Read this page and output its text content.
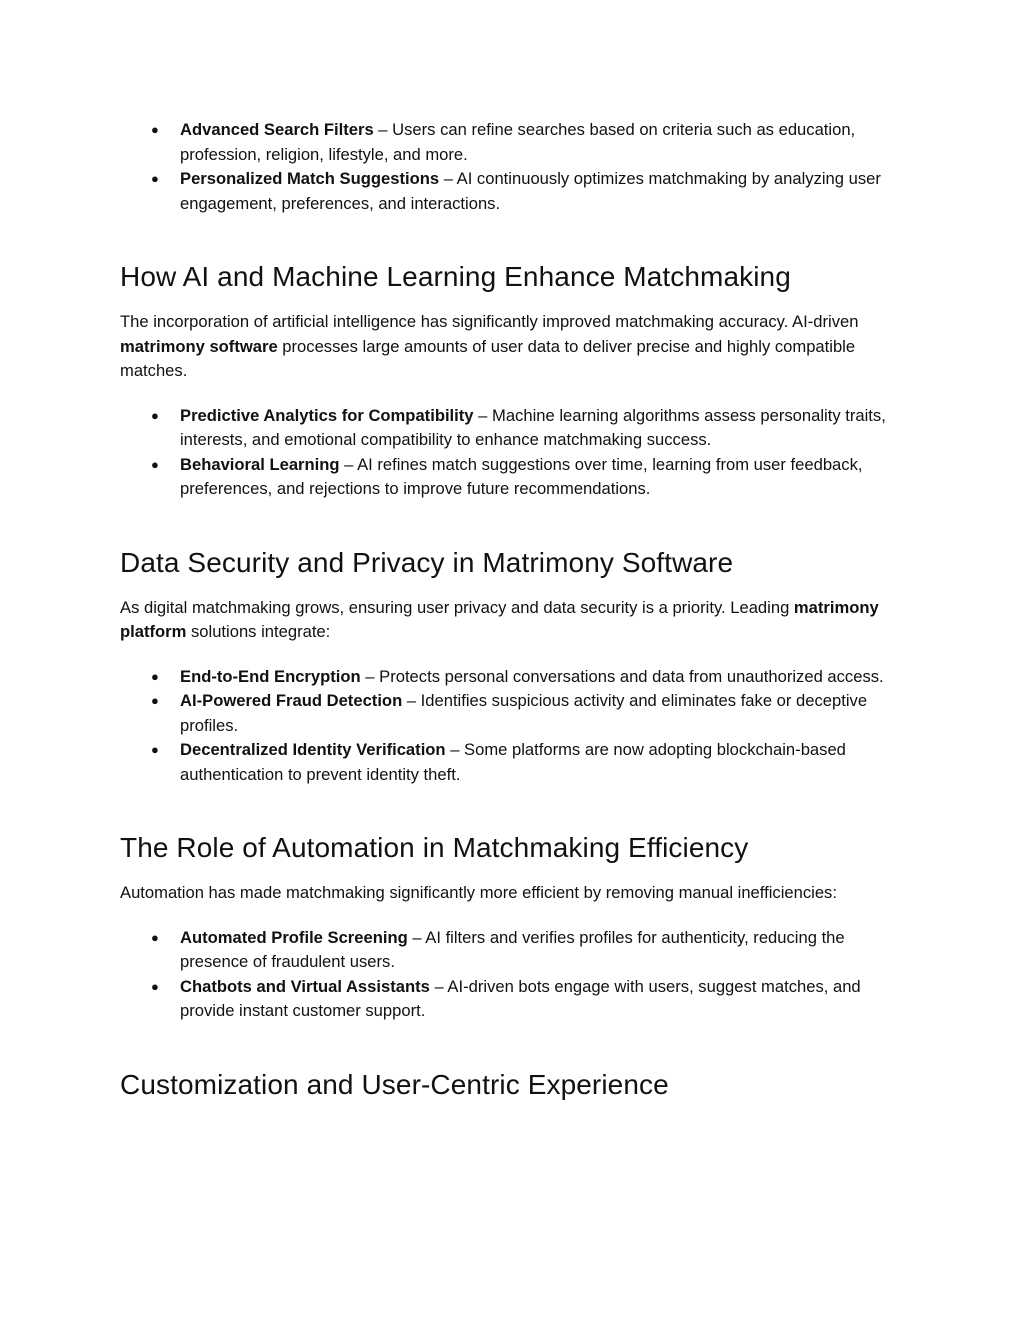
● Advanced Search Filters – Users can refine searches based on criteria such as education, profession, religion, lifestyle, and more.
● Personalized Match Suggestions – AI continuously optimizes matchmaking by analyzing user engagement, preferences, and interactions.
How AI and Machine Learning Enhance Matchmaking

The incorporation of artificial intelligence has significantly improved matchmaking accuracy. AI-driven matrimony software processes large amounts of user data to deliver precise and highly compatible matches.

● Predictive Analytics for Compatibility – Machine learning algorithms assess personality traits, interests, and emotional compatibility to enhance matchmaking success.
● Behavioral Learning – AI refines match suggestions over time, learning from user feedback, preferences, and rejections to improve future recommendations.
Data Security and Privacy in Matrimony Software

As digital matchmaking grows, ensuring user privacy and data security is a priority. Leading matrimony platform solutions integrate:

● End-to-End Encryption – Protects personal conversations and data from unauthorized access.
● AI-Powered Fraud Detection – Identifies suspicious activity and eliminates fake or deceptive profiles.
● Decentralized Identity Verification – Some platforms are now adopting blockchain-based authentication to prevent identity theft.
The Role of Automation in Matchmaking Efficiency

Automation has made matchmaking significantly more efficient by removing manual inefficiencies:

● Automated Profile Screening – AI filters and verifies profiles for authenticity, reducing the presence of fraudulent users.
● Chatbots and Virtual Assistants – AI-driven bots engage with users, suggest matches, and provide instant customer support.
Customization and User-Centric Experience
